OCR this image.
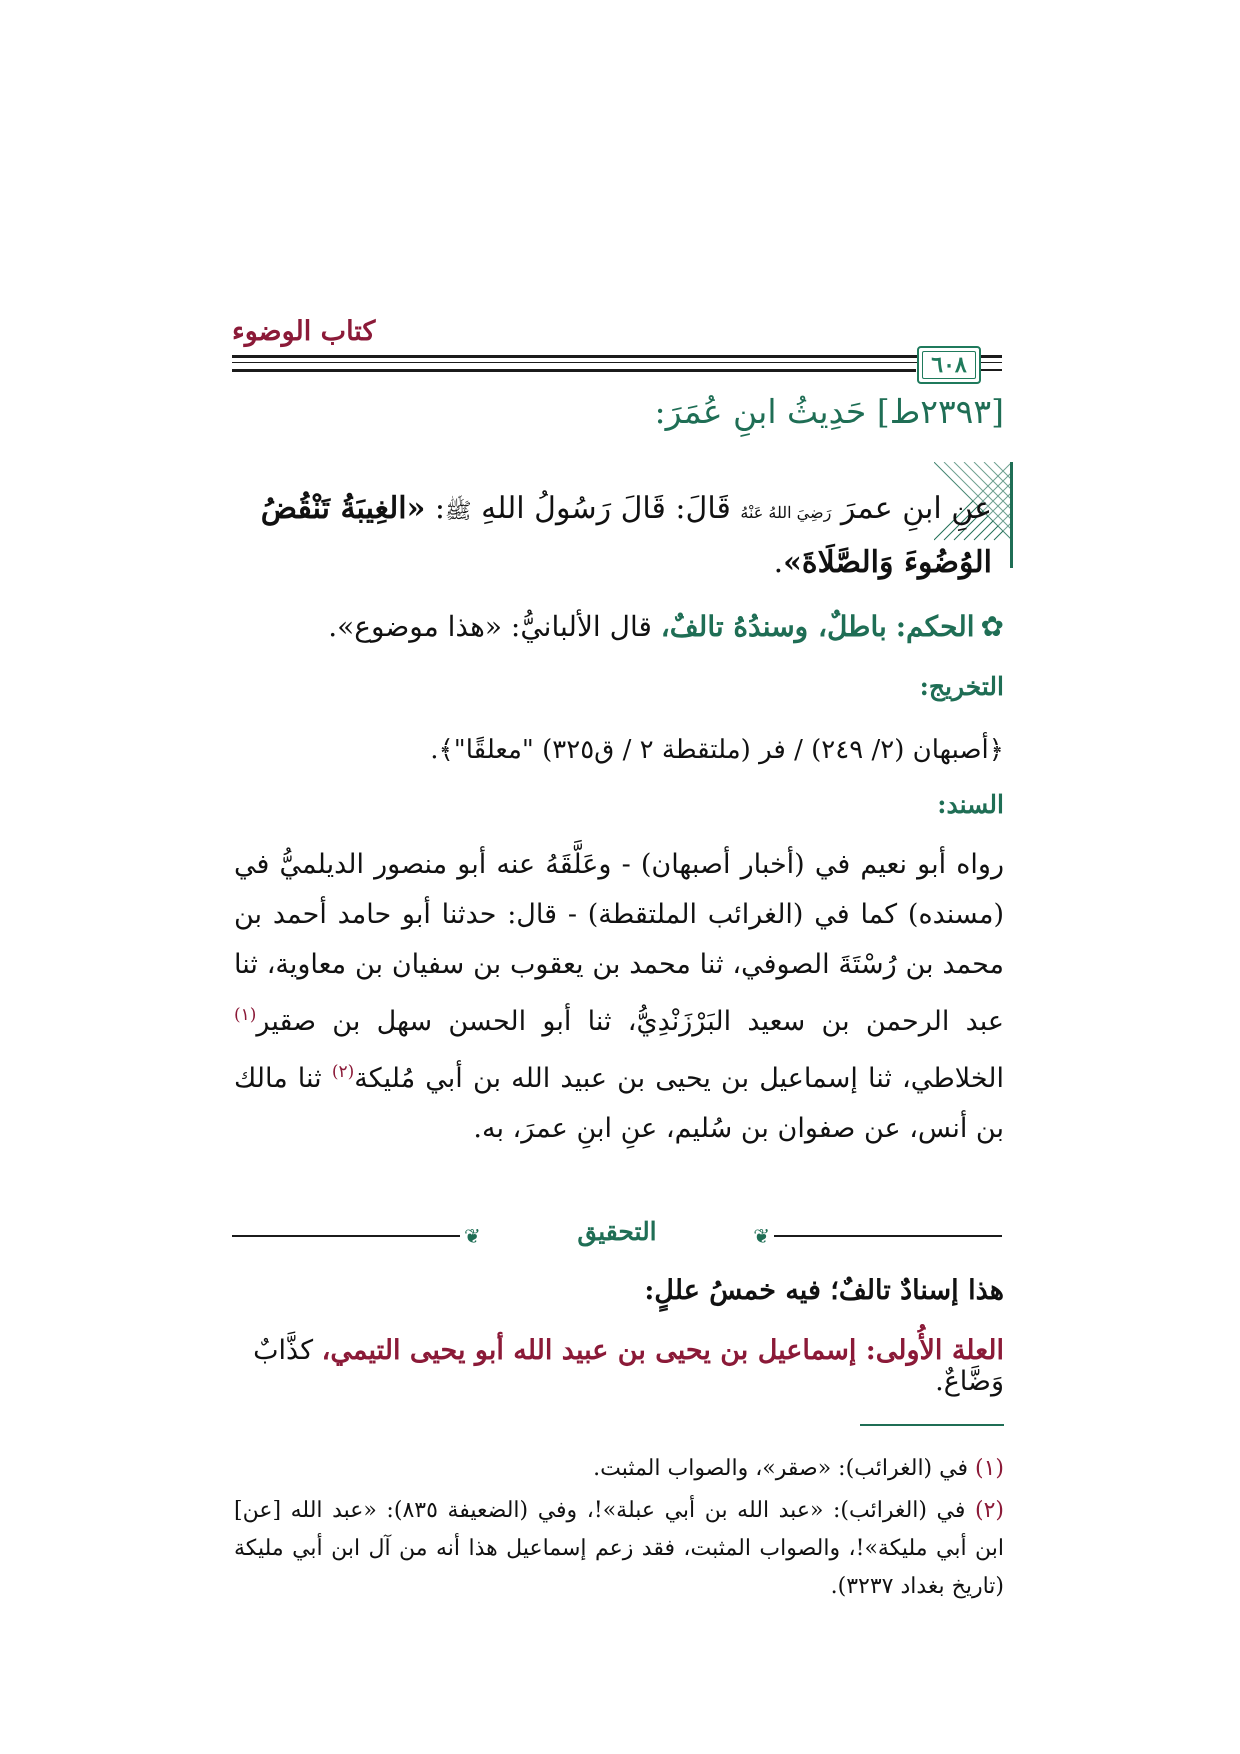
كتاب الوضوء
٦٠٨
[٢٣٩٣ط] حَدِيثُ ابنِ عُمَرَ:
عنِ ابنِ عمرَ رَضِيَ اللهُ عَنْهُ قَالَ: قَالَ رَسُولُ اللهِ ﷺ: «الغِيبَةُ تَنْقُضُ الوُضُوءَ وَالصَّلَاةَ».
✿الحكم: باطلٌ، وسندُهُ تالفٌ، قال الألبانيُّ: «هذا موضوع».
التخريج:
﴿أصبهان (٢/ ٢٤٩) / فر (ملتقطة ٢ / ق٣٢٥) "معلقًا"﴾.
السند:

رواه أبو نعيم في (أخبار أصبهان) - وعَلَّقَهُ عنه أبو منصور الديلميُّ في (مسنده) كما في (الغرائب الملتقطة) - قال: حدثنا أبو حامد أحمد بن محمد بن رُسْتَةَ الصوفي، ثنا محمد بن يعقوب بن سفيان بن معاوية، ثنا عبد الرحمن بن سعيد البَرْزَنْدِيُّ، ثنا أبو الحسن سهل بن صقير$^{(١)}$ الخلاطي، ثنا إسماعيل بن يحيى بن عبيد الله بن أبي مُليكة$^{(٢)}$ ثنا مالك بن أنس، عن صفوان بن سُليم، عنِ ابنِ عمرَ، به.

❦	التحقيق	❦
هذا إسنادٌ تالفٌ؛ فيه خمسُ عللٍ:
العلة الأُولى: إسماعيل بن يحيى بن عبيد الله أبو يحيى التيمي، كذَّابٌ وَضَّاعٌ.

(١) في (الغرائب): «صقر»، والصواب المثبت.

(٢) في (الغرائب): «عبد الله بن أبي عبلة»!، وفي (الضعيفة ٨٣٥): «عبد الله [عن] ابن أبي مليكة»!، والصواب المثبت، فقد زعم إسماعيل هذا أنه من آل ابن أبي مليكة (تاريخ بغداد ٣٢٣٧).
